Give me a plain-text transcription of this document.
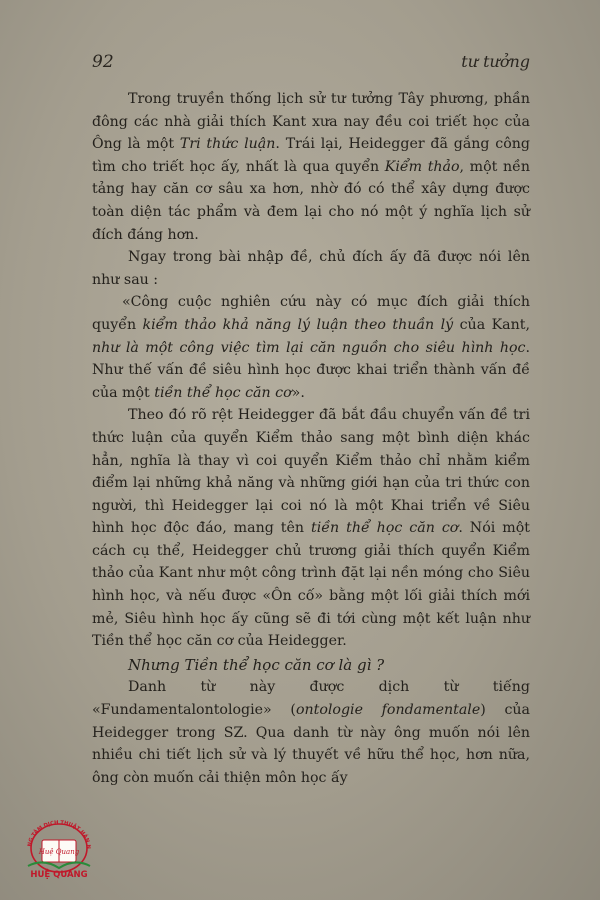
92	tư tưởng

Trong truyền thống lịch sử tư tưởng Tây phương, phần đông các nhà giải thích Kant xưa nay đều coi triết học của Ông là một Tri thức luận. Trái lại, Heidegger đã gắng công tìm cho triết học ấy, nhất là qua quyển Kiểm thảo, một nền tảng hay căn cơ sâu xa hơn, nhờ đó có thể xây dựng được toàn diện tác phẩm và đem lại cho nó một ý nghĩa lịch sử đích đáng hơn.

Ngay trong bài nhập đề, chủ đích ấy đã được nói lên như sau :

«Công cuộc nghiên cứu này có mục đích giải thích quyển kiểm thảo khả năng lý luận theo thuần lý của Kant, như là một công việc tìm lại căn nguồn cho siêu hình học. Như thế vấn đề siêu hình học được khai triển thành vấn đề của một tiền thể học căn cơ».

Theo đó rõ rệt Heidegger đã bắt đầu chuyển vấn đề tri thức luận của quyển Kiểm thảo sang một bình diện khác hẳn, nghĩa là thay vì coi quyển Kiểm thảo chỉ nhằm kiểm điểm lại những khả năng và những giới hạn của tri thức con người, thì Heidegger lại coi nó là một Khai triển về Siêu hình học độc đáo, mang tên tiền thể học căn cơ. Nói một cách cụ thể, Heidegger chủ trương giải thích quyển Kiểm thảo của Kant như một công trình đặt lại nền móng cho Siêu hình học, và nếu được «Ôn cố» bằng một lối giải thích mới mẻ, Siêu hình học ấy cũng sẽ đi tới cùng một kết luận như Tiền thể học căn cơ của Heidegger.

Nhưng Tiền thể học căn cơ là gì ?

Danh từ này được dịch từ tiếng «Fundamentalontologie» (ontologie fondamentale) của Heidegger trong SZ. Qua danh từ này ông muốn nói lên nhiều chi tiết lịch sử và lý thuyết về hữu thể học, hơn nữa, ông còn muốn cải thiện môn học ấy

NG TÂM DỊCH THUẬT HÁN N
Huệ Quang
HUỆ QUANG
